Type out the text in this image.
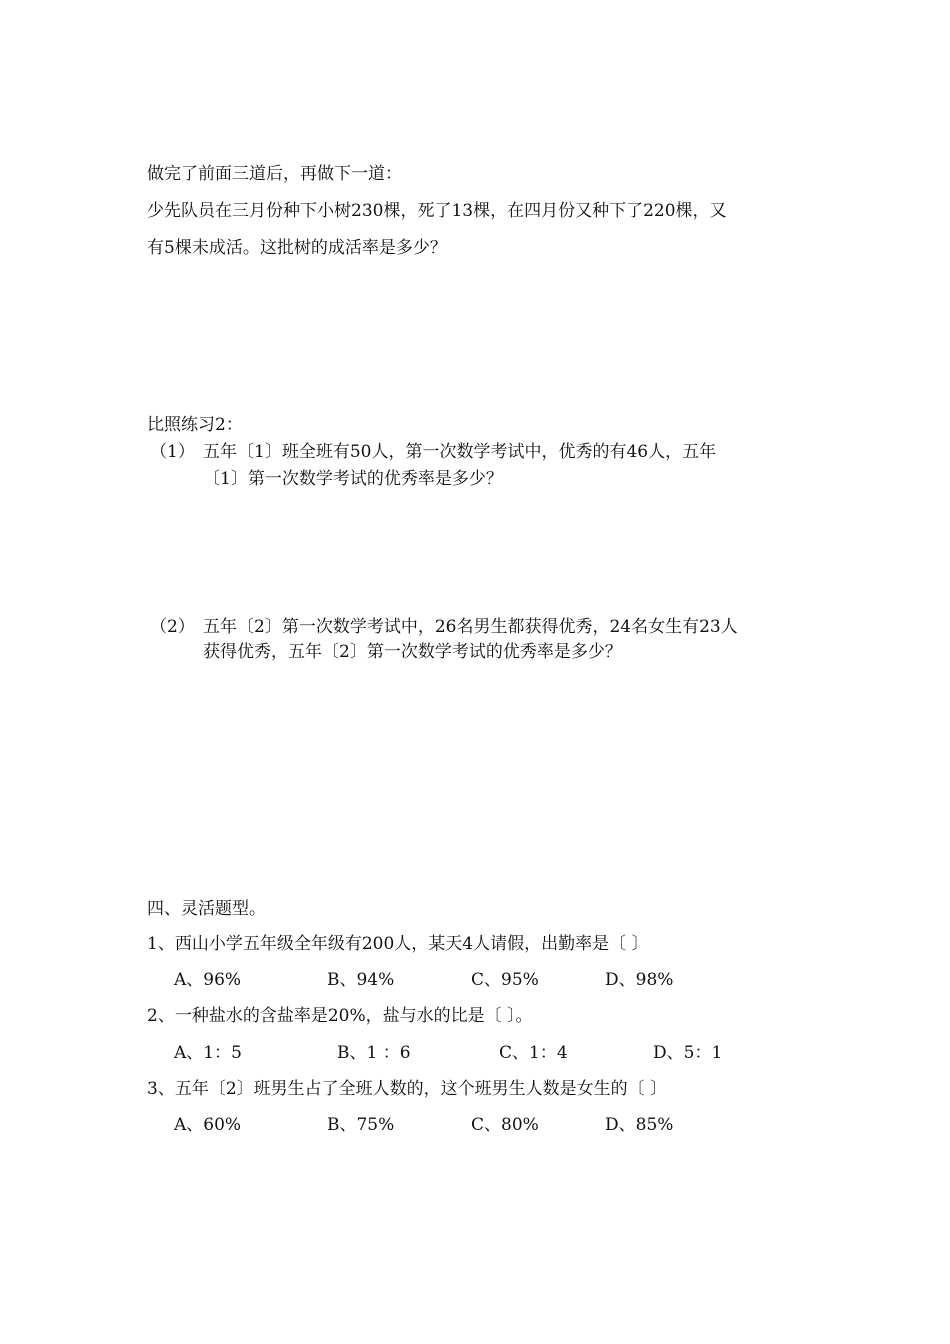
做完了前面三道后，再做下一道：
少先队员在三月份种下小树230棵，死了13棵，在四月份又种下了220棵，又
有5棵未成活。这批树的成活率是多少？
比照练习2：
（1） 五年〔1〕班全班有50人，第一次数学考试中，优秀的有46人，五年
〔1〕第一次数学考试的优秀率是多少？
（2） 五年〔2〕第一次数学考试中，26名男生都获得优秀，24名女生有23人
获得优秀，五年〔2〕第一次数学考试的优秀率是多少？
四、灵活题型。
1、西山小学五年级全年级有200人，某天4人请假，出勤率是〔 〕
A、96%	B、94%	C、95%	D、98%
2、一种盐水的含盐率是20%，盐与水的比是〔 〕。
A、1：5	B、1 ：6	C、1：4	D、5：1
3、五年〔2〕班男生占了全班人数的，这个班男生人数是女生的〔 〕
A、60%	B、75%	C、80%	D、85%
